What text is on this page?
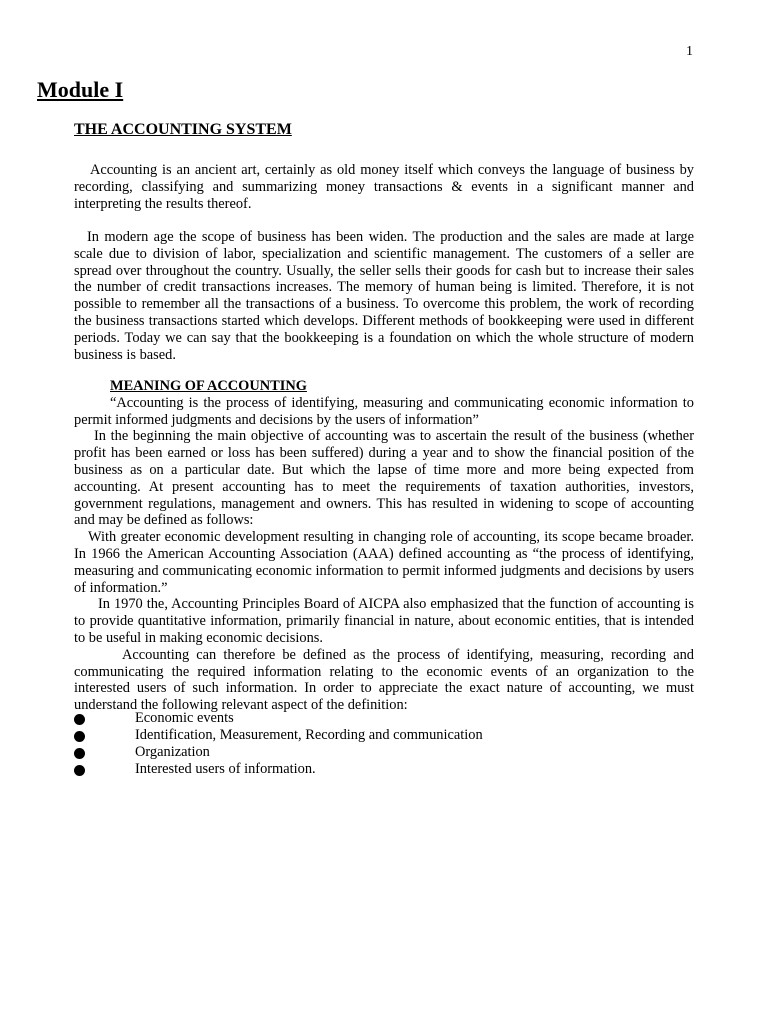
1
Module I
THE ACCOUNTING SYSTEM

Accounting is an ancient art, certainly as old money itself which conveys the language of business by recording, classifying and summarizing money transactions & events in a significant manner and interpreting the results thereof.

In modern age the scope of business has been widen. The production and the sales are made at large scale due to division of labor, specialization and scientific management. The customers of a seller are spread over throughout the country. Usually, the seller sells their goods for cash but to increase their sales the number of credit transactions increases. The memory of human being is limited. Therefore, it is not possible to remember all the transactions of a business. To overcome this problem, the work of recording the business transactions started which develops. Different methods of bookkeeping were used in different periods. Today we can say that the bookkeeping is a foundation on which the whole structure of modern business is based.

MEANING OF ACCOUNTING

“Accounting is the process of identifying, measuring and communicating economic information to permit informed judgments and decisions by the users of information”

In the beginning the main objective of accounting was to ascertain the result of the business (whether profit has been earned or loss has been suffered) during a year and to show the financial position of the business as on a particular date. But which the lapse of time more and more being expected from accounting. At present accounting has to meet the requirements of taxation authorities, investors, government regulations, management and owners. This has resulted in widening to scope of accounting and may be defined as follows:

With greater economic development resulting in changing role of accounting, its scope became broader. In 1966 the American Accounting Association (AAA) defined accounting as “the process of identifying, measuring and communicating economic information to permit informed judgments and decisions by users of information.”

In 1970 the, Accounting Principles Board of AICPA also emphasized that the function of accounting is to provide quantitative information, primarily financial in nature, about economic entities, that is intended to be useful in making economic decisions.

Accounting can therefore be defined as the process of identifying, measuring, recording and communicating the required information relating to the economic events of an organization to the interested users of such information. In order to appreciate the exact nature of accounting, we must understand the following relevant aspect of the definition:

Economic events
Identification, Measurement, Recording and communication
Organization
Interested users of information.
